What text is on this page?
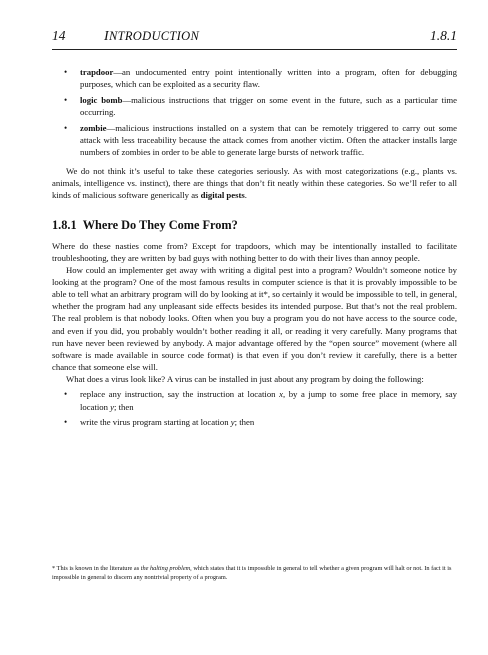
14	INTRODUCTION	1.8.1
• trapdoor—an undocumented entry point intentionally written into a program, often for debugging purposes, which can be exploited as a security flaw.
• logic bomb—malicious instructions that trigger on some event in the future, such as a particular time occurring.
• zombie—malicious instructions installed on a system that can be remotely triggered to carry out some attack with less traceability because the attack comes from another victim. Often the attacker installs large numbers of zombies in order to be able to generate large bursts of network traffic.

We do not think it’s useful to take these categories seriously. As with most categorizations (e.g., plants vs. animals, intelligence vs. instinct), there are things that don’t fit neatly within these categories. So we’ll refer to all kinds of malicious software generically as digital pests.

1.8.1 Where Do They Come From?

Where do these nasties come from? Except for trapdoors, which may be intentionally installed to facilitate troubleshooting, they are written by bad guys with nothing better to do with their lives than annoy people.

How could an implementer get away with writing a digital pest into a program? Wouldn’t someone notice by looking at the program? One of the most famous results in computer science is that it is provably impossible to be able to tell what an arbitrary program will do by looking at it*, so certainly it would be impossible to tell, in general, whether the program had any unpleasant side effects besides its intended purpose. But that’s not the real problem. The real problem is that nobody looks. Often when you buy a program you do not have access to the source code, and even if you did, you probably wouldn’t bother reading it all, or reading it very carefully. Many programs that run have never been reviewed by anybody. A major advantage offered by the “open source” movement (where all software is made available in source code format) is that even if you don’t review it carefully, there is a better chance that someone else will.

What does a virus look like? A virus can be installed in just about any program by doing the following:

• replace any instruction, say the instruction at location x, by a jump to some free place in memory, say location y; then
• write the virus program starting at location y; then
* This is known in the literature as the halting problem, which states that it is impossible in general to tell whether a given program will halt or not. In fact it is impossible in general to discern any nontrivial property of a program.
